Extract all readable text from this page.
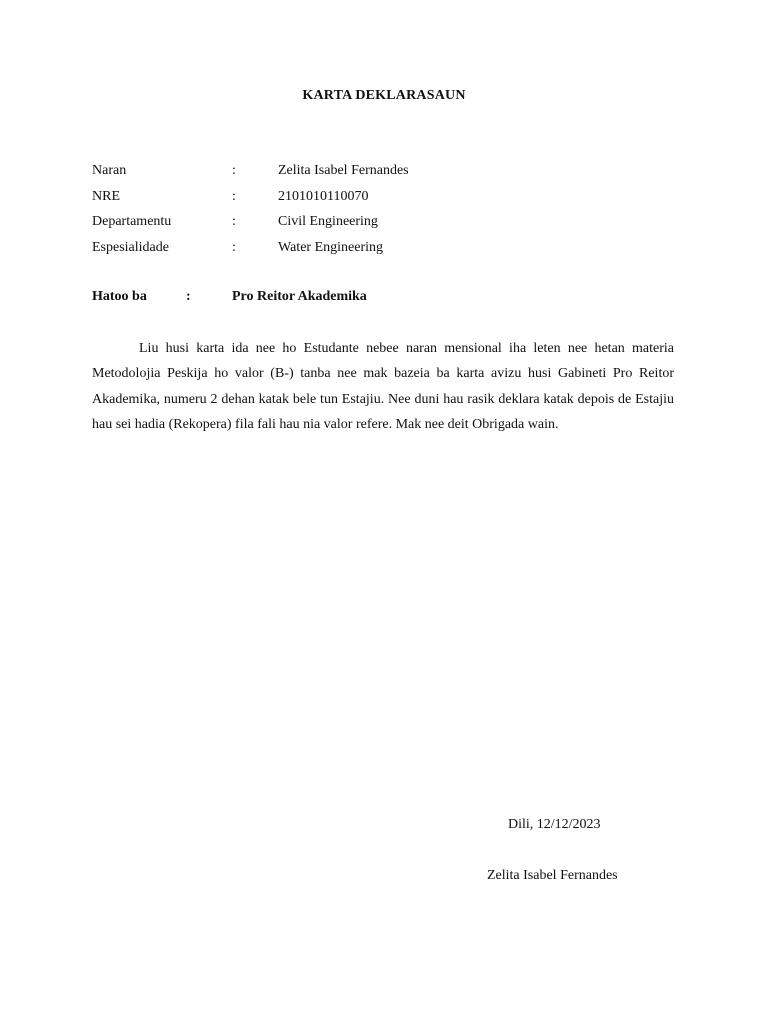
KARTA DEKLARASAUN
Naran	:	Zelita Isabel Fernandes
NRE	:	2101010110070
Departamentu	:	Civil Engineering
Espesialidade	:	Water Engineering
Hatoo ba	:	Pro Reitor Akademika

Liu husi karta ida nee ho Estudante nebee naran mensional iha leten nee hetan materia Metodolojia Peskija ho valor (B-) tanba nee mak bazeia ba karta avizu husi Gabineti Pro Reitor Akademika, numeru 2 dehan katak bele tun Estajiu. Nee duni hau rasik deklara katak depois de Estajiu hau sei hadia (Rekopera) fila fali hau nia valor refere. Mak nee deit Obrigada wain.

Dili, 12/12/2023
Zelita Isabel Fernandes
